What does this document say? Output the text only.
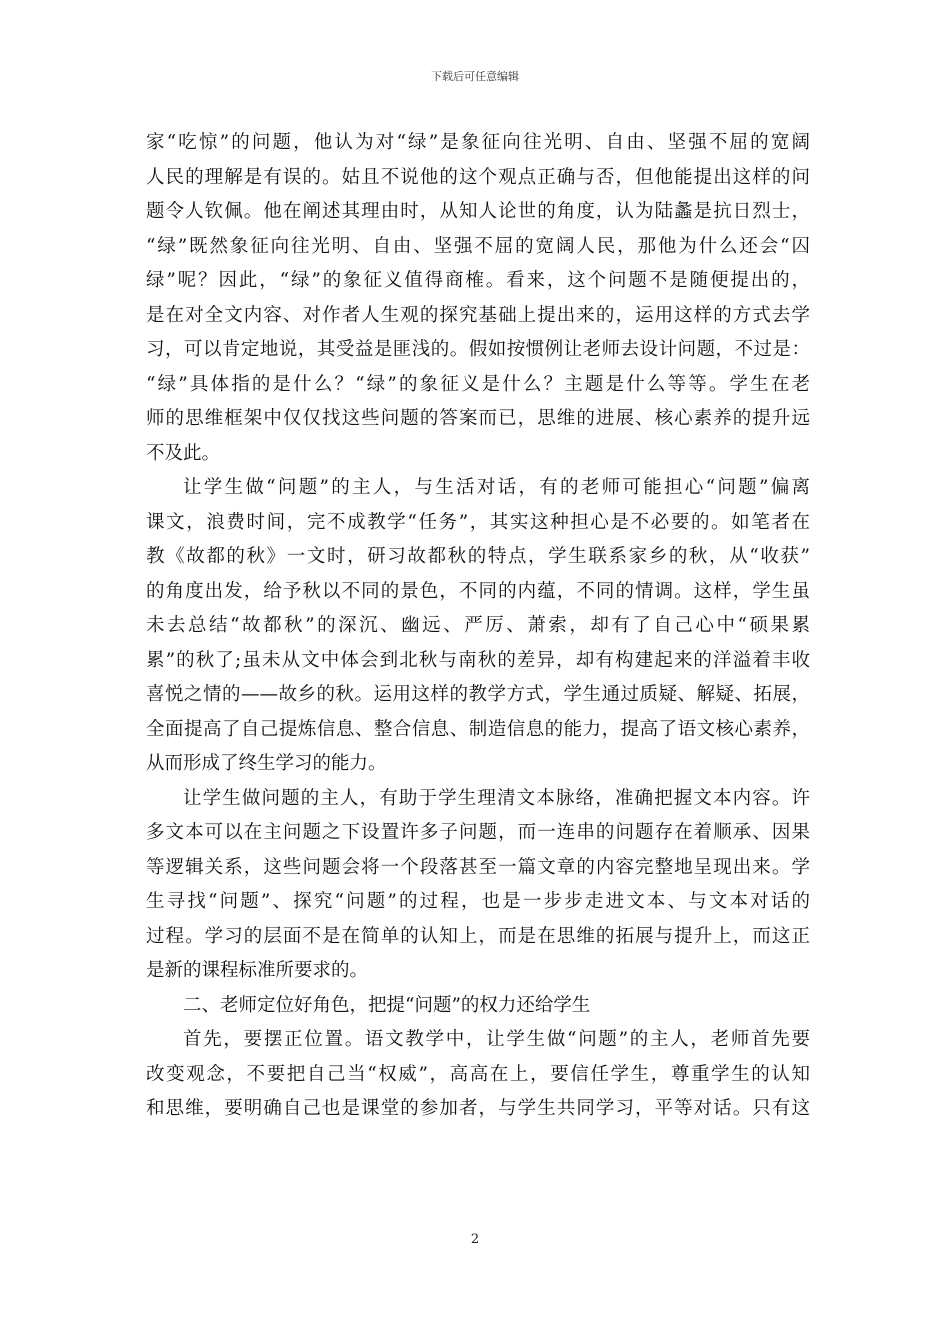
下载后可任意编辑
家“吃惊”的问题，他认为对“绿”是象征向往光明、自由、坚强不屈的宽阔
人民的理解是有误的。姑且不说他的这个观点正确与否，但他能提出这样的问
题令人钦佩。他在阐述其理由时，从知人论世的角度，认为陆蠡是抗日烈士，
“绿”既然象征向往光明、自由、坚强不屈的宽阔人民，那他为什么还会“囚
绿”呢？因此，“绿”的象征义值得商榷。看来，这个问题不是随便提出的，
是在对全文内容、对作者人生观的探究基础上提出来的，运用这样的方式去学
习，可以肯定地说，其受益是匪浅的。假如按惯例让老师去设计问题，不过是：
“绿”具体指的是什么？“绿”的象征义是什么？主题是什么等等。学生在老
师的思维框架中仅仅找这些问题的答案而已，思维的进展、核心素养的提升远
不及此。
让学生做“问题”的主人，与生活对话，有的老师可能担心“问题”偏离
课文，浪费时间，完不成教学“任务”，其实这种担心是不必要的。如笔者在
教《故都的秋》一文时，研习故都秋的特点，学生联系家乡的秋，从“收获”
的角度出发，给予秋以不同的景色，不同的内蕴，不同的情调。这样，学生虽
未去总结“故都秋”的深沉、幽远、严厉、萧索，却有了自己心中“硕果累
累”的秋了;虽未从文中体会到北秋与南秋的差异，却有构建起来的洋溢着丰收
喜悦之情的——故乡的秋。运用这样的教学方式，学生通过质疑、解疑、拓展，
全面提高了自己提炼信息、整合信息、制造信息的能力，提高了语文核心素养，
从而形成了终生学习的能力。
让学生做问题的主人，有助于学生理清文本脉络，准确把握文本内容。许
多文本可以在主问题之下设置许多子问题，而一连串的问题存在着顺承、因果
等逻辑关系，这些问题会将一个段落甚至一篇文章的内容完整地呈现出来。学
生寻找“问题”、探究“问题”的过程，也是一步步走进文本、与文本对话的
过程。学习的层面不是在简单的认知上，而是在思维的拓展与提升上，而这正
是新的课程标准所要求的。
二、老师定位好角色，把提“问题”的权力还给学生
首先，要摆正位置。语文教学中，让学生做“问题”的主人，老师首先要
改变观念，不要把自己当“权威”，高高在上，要信任学生，尊重学生的认知
和思维，要明确自己也是课堂的参加者，与学生共同学习，平等对话。只有这
2
